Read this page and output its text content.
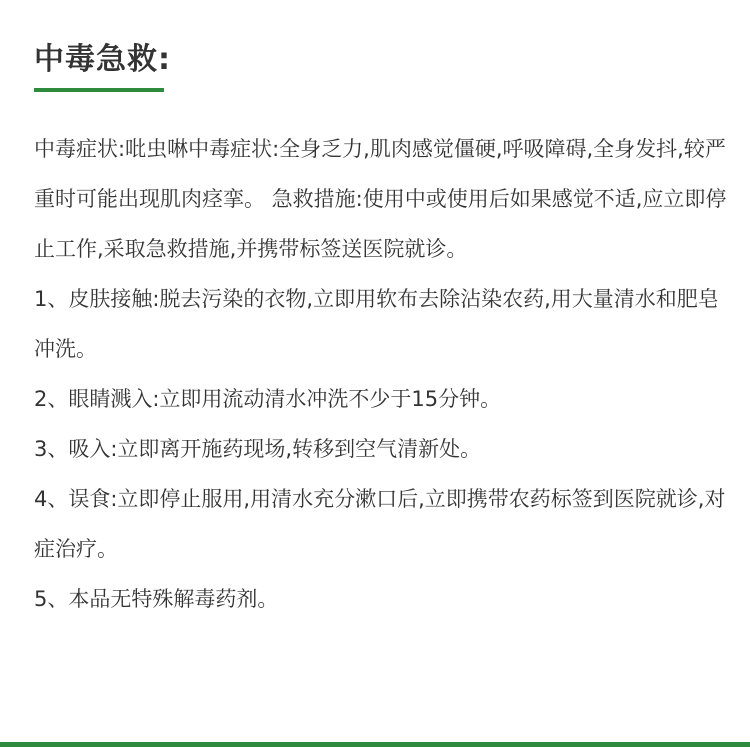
中毒急救:

中毒症状:吡虫啉中毒症状:全身乏力,肌肉感觉僵硬,呼吸障碍,全身发抖,较严重时可能出现肌肉痉挛。 急救措施:使用中或使用后如果感觉不适,应立即停止工作,采取急救措施,并携带标签送医院就诊。

1、皮肤接触:脱去污染的衣物,立即用软布去除沾染农药,用大量清水和肥皂冲洗。

2、眼睛溅入:立即用流动清水冲洗不少于15分钟。

3、吸入:立即离开施药现场,转移到空气清新处。

4、误食:立即停止服用,用清水充分漱口后,立即携带农药标签到医院就诊,对症治疗。

5、本品无特殊解毒药剂。
